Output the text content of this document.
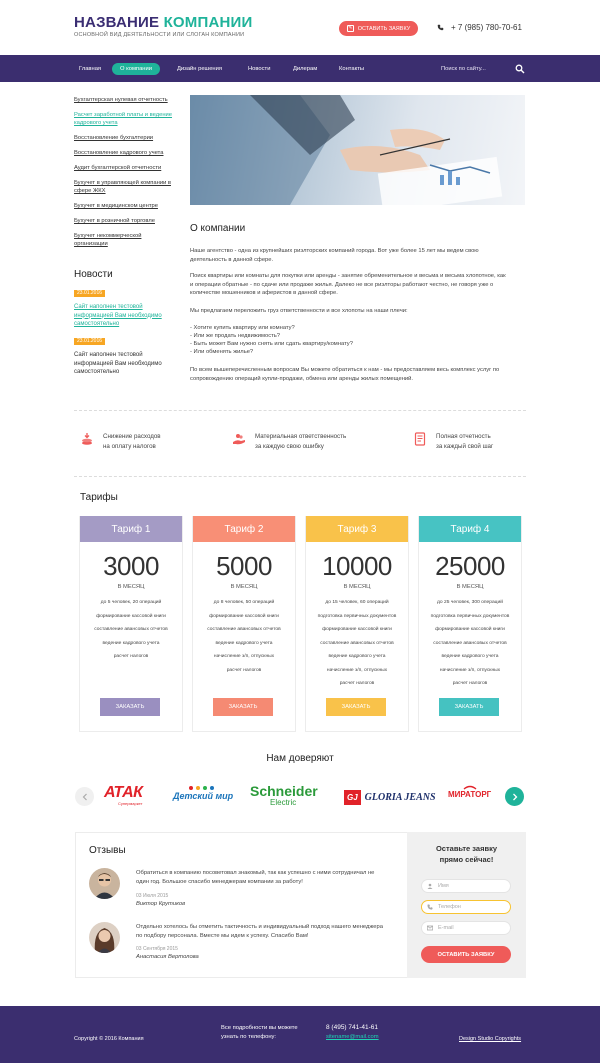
НАЗВАНИЕ КОМПАНИИ
ОСНОВНОЙ ВИД ДЕЯТЕЛЬНОСТИ ИЛИ СЛОГАН КОМПАНИИ
✎ ОСТАВИТЬ ЗАЯВКУ	+ 7 (985) 780-70-61
Главная	О компании	Дизайн решения	Новости	Дилерам	Контакты
Поиск по сайту...
Бухгалтерская нулевая отчетность
Расчет заработной платы и ведение кадрового учета
Восстановление бухгалтерии
Восстановление кадрового учета
Аудит бухгалтерской отчетности
Бухучет в управляющей компании в сфере ЖКХ
Бухучет в медицинском центре
Бухучет в розничной торговле
Бухучет некоммерческой организации
Новости
23.01.2016
Сайт наполнен тестовой информацией Вам необходимо самостоятельно
23.01.2016
Сайт наполнен тестовой информацией Вам необходимо самостоятельно
О компании
Наше агентство - одна из крупнейших риэлторских компаний города. Вот уже более 15 лет мы ведем свою деятельность в данной сфере.
Поиск квартиры или комнаты для покупки или аренды - занятие обременительное и весьма и весьма хлопотное, как и операции обратные - по сдаче или продаже жилья. Далеко не все риэлторы работают честно, не говоря уже о количестве мошенников и аферистов в данной сфере.
Мы предлагаем переложить груз ответственности и все хлопоты на наши плечи:
- Хотите купить квартиру или комнату?
- Или же продать недвижимость?
- Быть может Вам нужно снять или сдать квартиру/комнату?
- Или обменять жилье?
По всем вышеперечисленным вопросам Вы можете обратиться к нам - мы предоставляем весь комплекс услуг по сопровождению операций купли-продажи, обмена или аренды жилых помещений.
Снижение расходов
на оплату налогов
Материальная ответственность
за каждую свою ошибку
Полная отчетность
за каждый свой шаг
Тарифы
Тариф 1
3000
В МЕСЯЦ
до 5 человек, 20 операций
формирование кассовой книги
составление авансовых отчетов
ведение кадрового учета
расчет налогов
ЗАКАЗАТЬ
Тариф 2
5000
В МЕСЯЦ
до 8 человек, 50 операций
формирование кассовой книги
составление авансовых отчетов
ведение кадрового учета
начисление з/п, отпускных
расчет налогов
ЗАКАЗАТЬ
Тариф 3
10000
В МЕСЯЦ
до 15 человек, 60 операций
подготовка первичных документов
формирование кассовой книги
составление авансовых отчетов
ведение кадрового учета
начисление з/п, отпускных
расчет налогов
ЗАКАЗАТЬ
Тариф 4
25000
В МЕСЯЦ
до 25 человек, 300 операций
подготовка первичных документов
формирование кассовой книги
составление авансовых отчетов
ведение кадрового учета
начисление з/п, отпускных
расчет налогов
ЗАКАЗАТЬ
Нам доверяют
АТАК
Супермаркет
Детский мир Schneider
Electric
GJ GLORIA JEANS МИРАТОРГ
Отзывы
Обратиться в компанию посоветовал знакомый, так как успешно с ними сотрудничал не один год. Большое спасибо менеджерам компании за работу!
03 Июля 2015
Виктор Крутиков
Отдельно хотелось бы отметить тактичность и индивидуальный подход нашего менеджера по подбору персонала. Вместе мы идем к успеху. Спасибо Вам!
03 Сентября 2015
Анастасия Вертолова
Оставьте заявку
прямо сейчас!
Имя
Телефон
E-mail
ОСТАВИТЬ ЗАЯВКУ
Copyright © 2016 Компания
Все подробности вы можете
узнать по телефону:
8 (495) 741-41-61
sitename@mail.com	Design Studio Copyrights
